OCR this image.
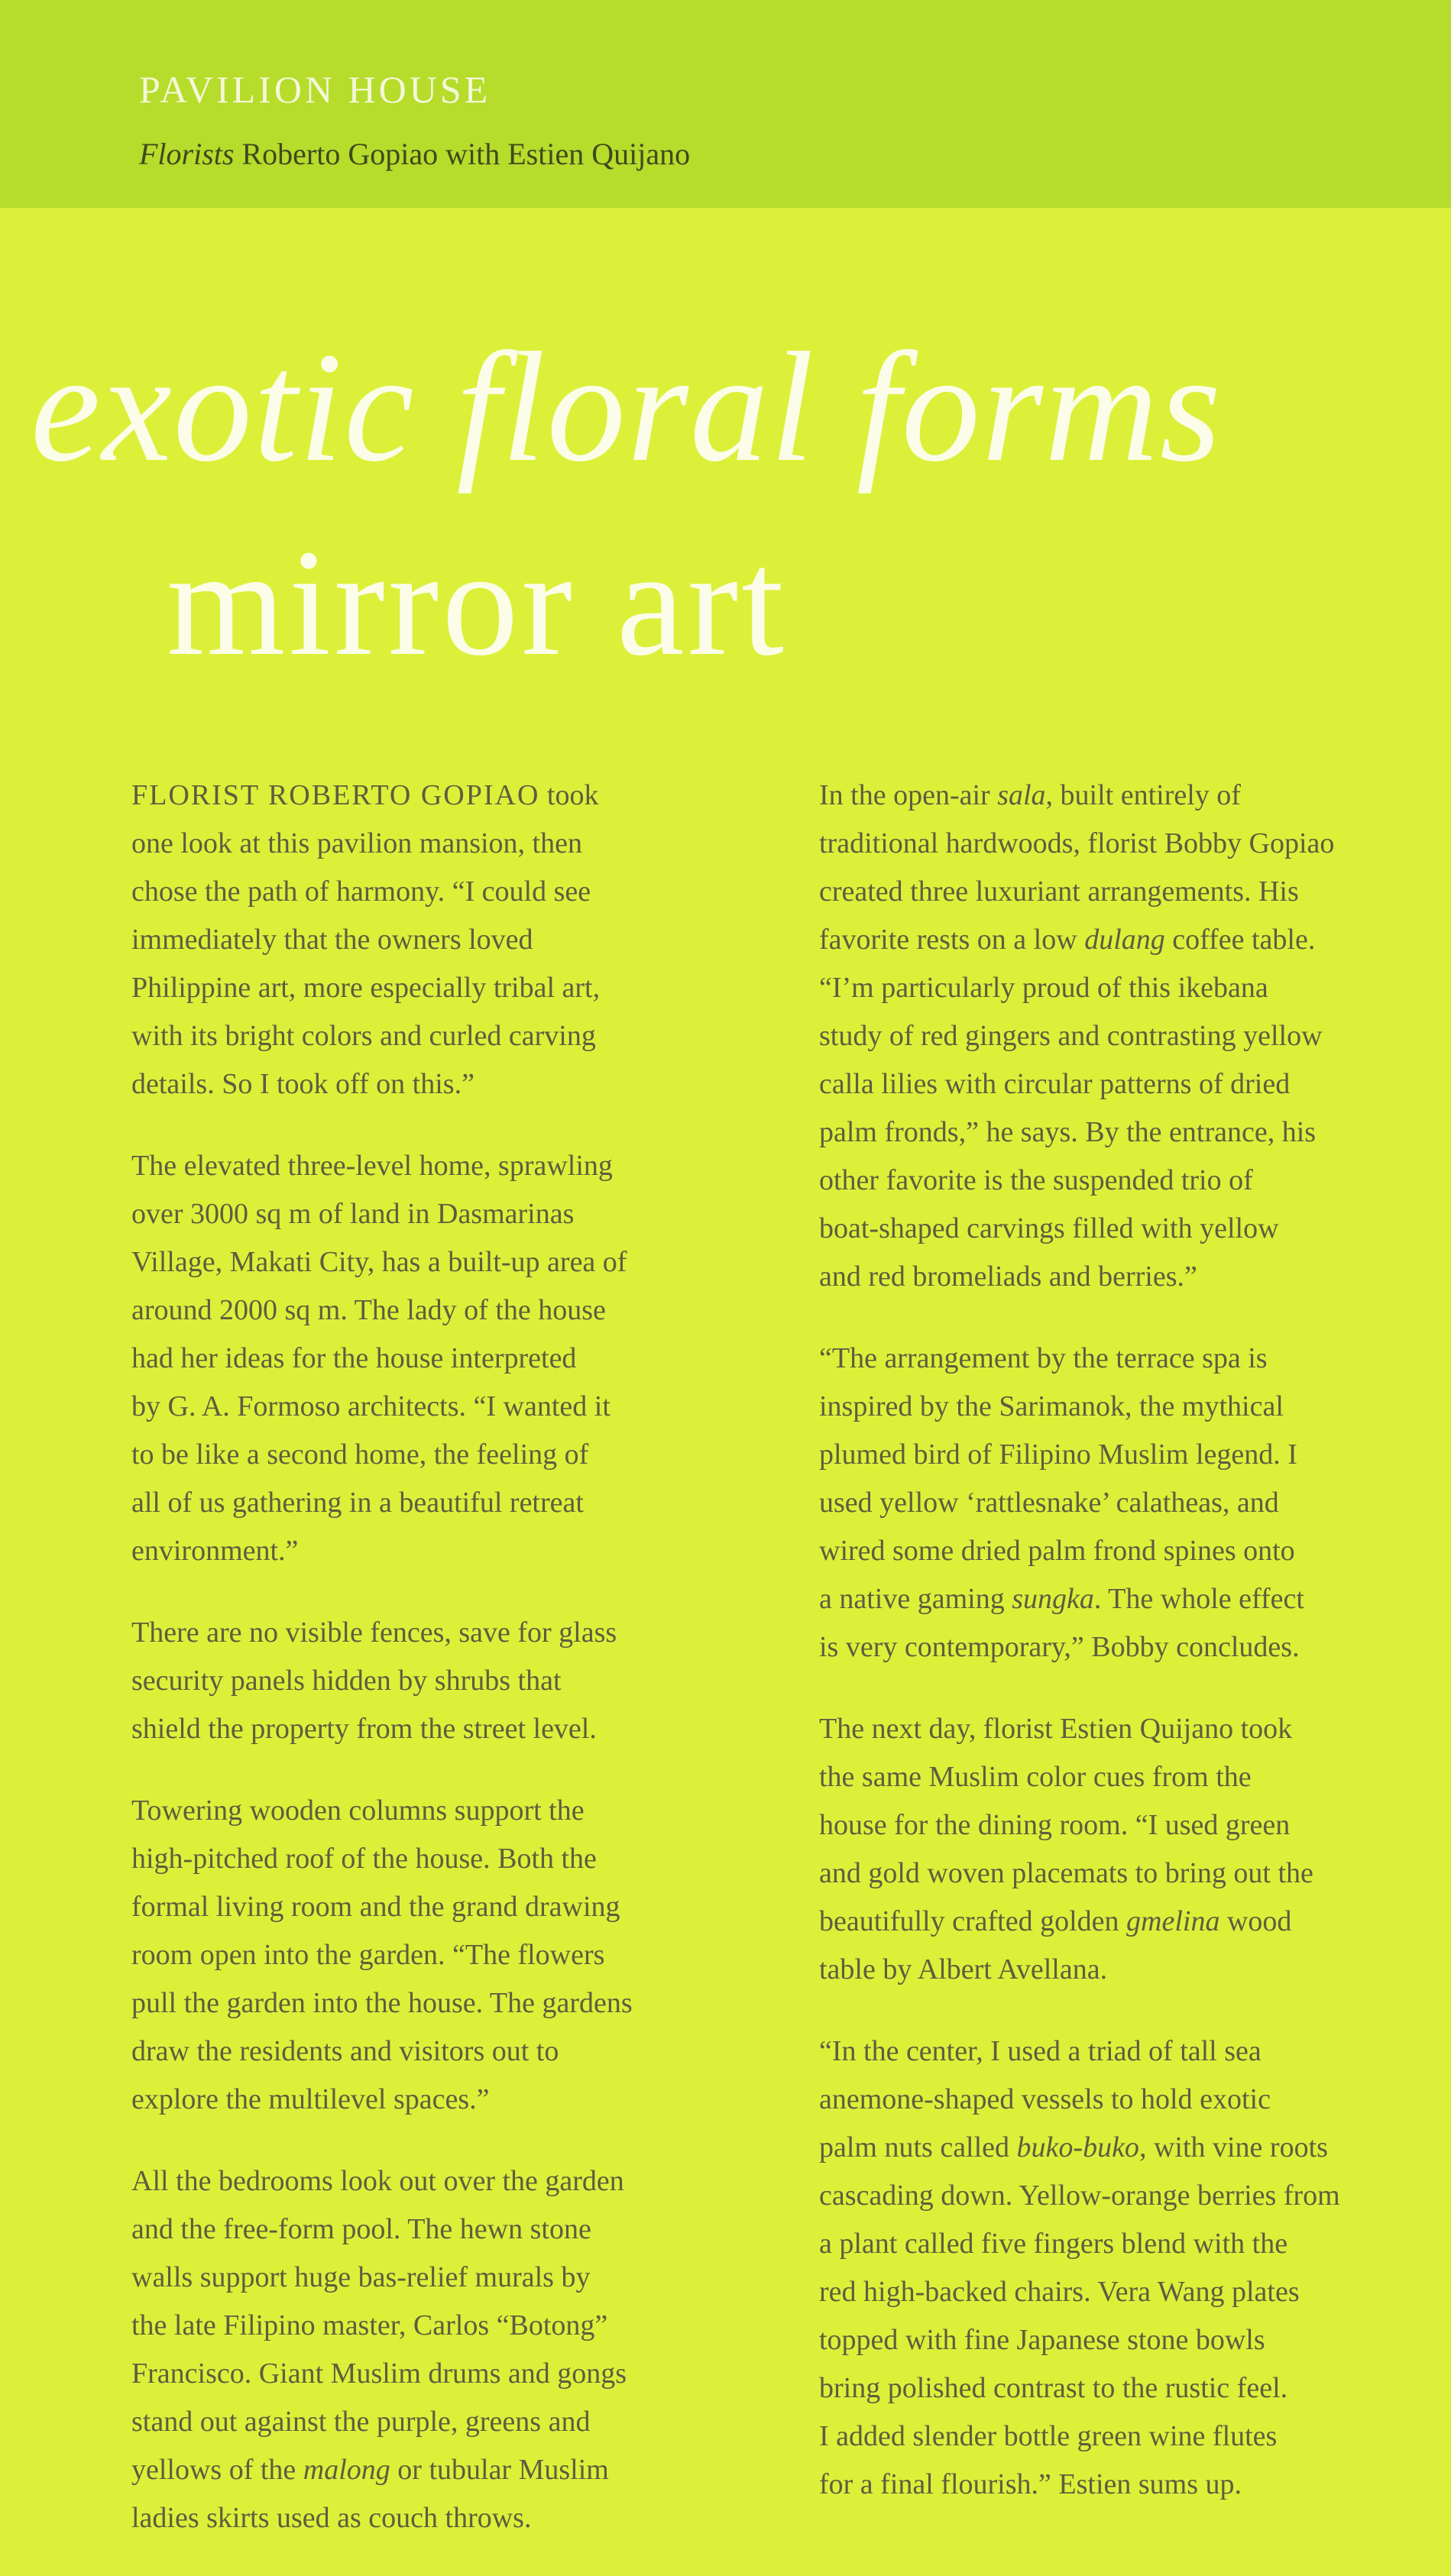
PAVILION HOUSE
Florists Roberto Gopiao with Estien Quijano
exotic floral forms
mirror art

FLORIST ROBERTO GOPIAO took
one look at this pavilion mansion, then
chose the path of harmony. “I could see
immediately that the owners loved
Philippine art, more especially tribal art,
with its bright colors and curled carving
details. So I took off on this.”

The elevated three-level home, sprawling
over 3000 sq m of land in Dasmarinas
Village, Makati City, has a built-up area of
around 2000 sq m. The lady of the house
had her ideas for the house interpreted
by G. A. Formoso architects. “I wanted it
to be like a second home, the feeling of
all of us gathering in a beautiful retreat
environment.”

There are no visible fences, save for glass
security panels hidden by shrubs that
shield the property from the street level.

Towering wooden columns support the
high-pitched roof of the house. Both the
formal living room and the grand drawing
room open into the garden. “The flowers
pull the garden into the house. The gardens
draw the residents and visitors out to
explore the multilevel spaces.”

All the bedrooms look out over the garden
and the free-form pool. The hewn stone
walls support huge bas-relief murals by
the late Filipino master, Carlos “Botong”
Francisco. Giant Muslim drums and gongs
stand out against the purple, greens and
yellows of the malong or tubular Muslim
ladies skirts used as couch throws.

In the open-air sala, built entirely of
traditional hardwoods, florist Bobby Gopiao
created three luxuriant arrangements. His
favorite rests on a low dulang coffee table.
“I’m particularly proud of this ikebana
study of red gingers and contrasting yellow
calla lilies with circular patterns of dried
palm fronds,” he says. By the entrance, his
other favorite is the suspended trio of
boat-shaped carvings filled with yellow
and red bromeliads and berries.”

“The arrangement by the terrace spa is
inspired by the Sarimanok, the mythical
plumed bird of Filipino Muslim legend. I
used yellow ‘rattlesnake’ calatheas, and
wired some dried palm frond spines onto
a native gaming sungka. The whole effect
is very contemporary,” Bobby concludes.

The next day, florist Estien Quijano took
the same Muslim color cues from the
house for the dining room. “I used green
and gold woven placemats to bring out the
beautifully crafted golden gmelina wood
table by Albert Avellana.

“In the center, I used a triad of tall sea
anemone-shaped vessels to hold exotic
palm nuts called buko-buko, with vine roots
cascading down. Yellow-orange berries from
a plant called five fingers blend with the
red high-backed chairs. Vera Wang plates
topped with fine Japanese stone bowls
bring polished contrast to the rustic feel.
I added slender bottle green wine flutes
for a final flourish.” Estien sums up.
